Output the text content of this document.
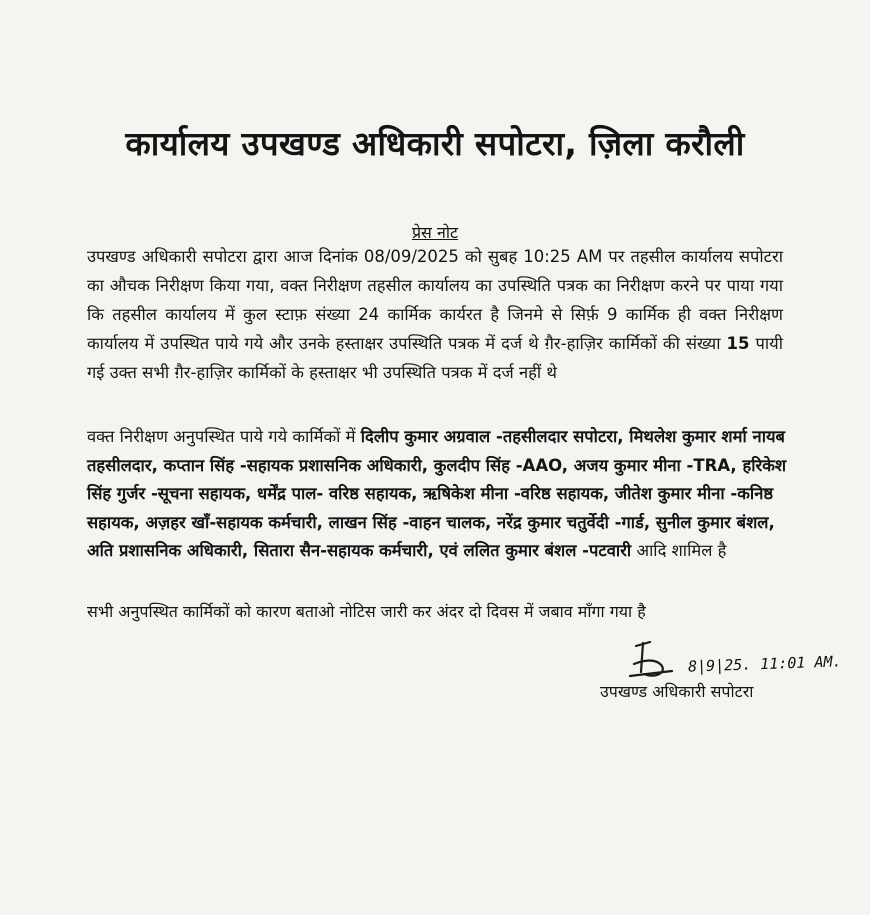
कार्यालय उपखण्ड अधिकारी सपोटरा, ज़िला करौली
प्रेस नोट
उपखण्ड अधिकारी सपोटरा द्वारा आज दिनांक 08/09/2025 को सुबह 10:25 AM पर तहसील कार्यालय सपोटरा का औचक निरीक्षण किया गया, वक्त निरीक्षण तहसील कार्यालय का उपस्थिति पत्रक का निरीक्षण करने पर पाया गया कि तहसील कार्यालय में कुल स्टाफ़ संख्या 24 कार्मिक कार्यरत है जिनमे से सिर्फ़ 9 कार्मिक ही वक्त निरीक्षण कार्यालय में उपस्थित पाये गये और उनके हस्ताक्षर उपस्थिति पत्रक में दर्ज थे ग़ैर-हाज़िर कार्मिकों की संख्या 15 पायी गई उक्त सभी ग़ैर-हाज़िर कार्मिकों के हस्ताक्षर भी उपस्थिति पत्रक में दर्ज नहीं थे
वक्त निरीक्षण अनुपस्थित पाये गये कार्मिकों में दिलीप कुमार अग्रवाल -तहसीलदार सपोटरा, मिथलेश कुमार शर्मा नायब तहसीलदार, कप्तान सिंह -सहायक प्रशासनिक अधिकारी, कुलदीप सिंह -AAO, अजय कुमार मीना -TRA, हरिकेश सिंह गुर्जर -सूचना सहायक, धर्मेंद्र पाल- वरिष्ठ सहायक, ऋषिकेश मीना -वरिष्ठ सहायक, जीतेश कुमार मीना -कनिष्ठ सहायक, अज़हर खाँ-सहायक कर्मचारी, लाखन सिंह -वाहन चालक, नरेंद्र कुमार चतुर्वेदी -गार्ड, सुनील कुमार बंशल, अति प्रशासनिक अधिकारी, सितारा सैन-सहायक कर्मचारी, एवं ललित कुमार बंशल -पटवारी आदि शामिल है
सभी अनुपस्थित कार्मिकों को कारण बताओ नोटिस जारी कर अंदर दो दिवस में जबाव माँगा गया है
8|9|25. 11:01 AM.
उपखण्ड अधिकारी सपोटरा
